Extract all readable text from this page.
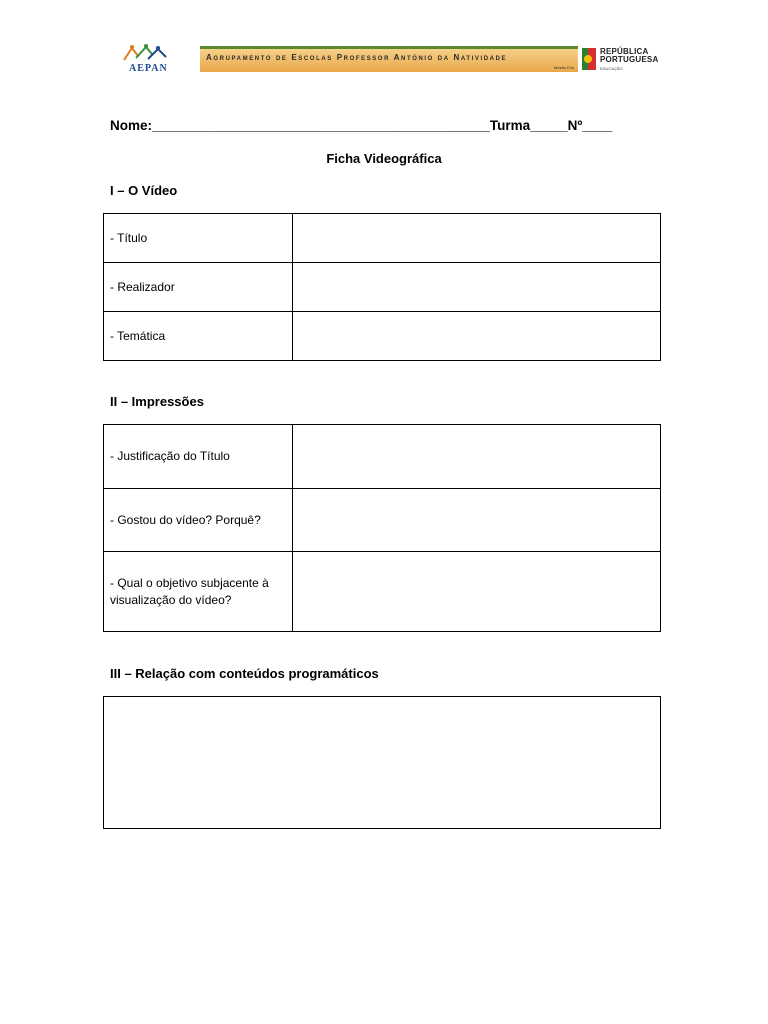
AEPAN
Agrupamento de Escolas Professor António da Natividade
Mesão Frio
REPÚBLICA
PORTUGUESA
EDUCAÇÃO
Nome:_____________________________________________Turma_____Nº____
Ficha Videográfica
I – O Vídeo
- Título	
- Realizador	
- Temática	
II – Impressões
- Justificação do Título	
- Gostou do vídeo? Porquê?	
- Qual o objetivo subjacente à visualização do vídeo?	
III – Relação com conteúdos programáticos
